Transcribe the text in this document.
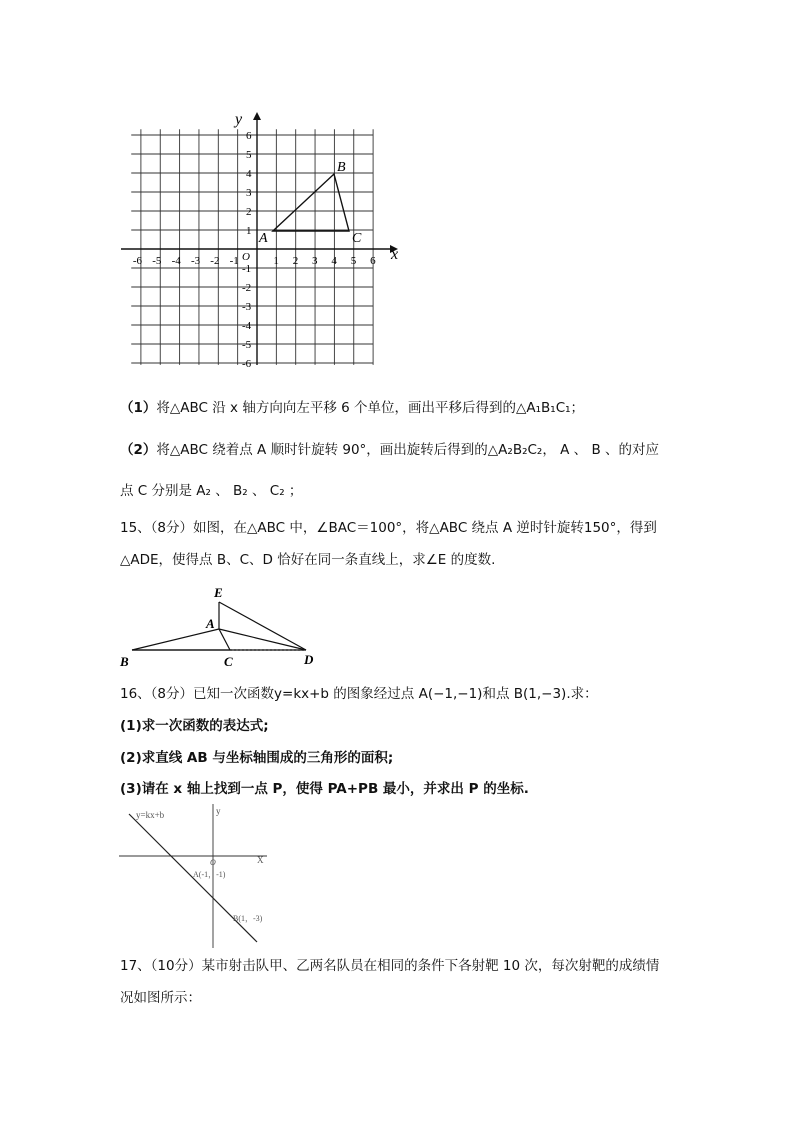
-6 -5 -4 -3 -2 -1	1 2 3 4 5 6
1
2
3
4
5
6
-1
-2
-3
-4
-5
-6
x
y
O
A
B
C
（1）将△ABC 沿 x 轴方向向左平移 6 个单位，画出平移后得到的△A₁B₁C₁；
（2）将△ABC 绕着点 A 顺时针旋转 90°，画出旋转后得到的△A₂B₂C₂， A 、 B 、的对应
点 C 分别是 A₂ 、 B₂ 、 C₂ ；
15、（8分）如图，在△ABC 中，∠BAC＝100°，将△ABC 绕点 A 逆时针旋转150°，得到
△ADE，使得点 B、C、D 恰好在同一条直线上，求∠E 的度数.
E
A
B	C	D
16、（8分）已知一次函数y=kx+b 的图象经过点 A(−1,−1)和点 B(1,−3).求：
(1)求一次函数的表达式;
(2)求直线 AB 与坐标轴围成的三角形的面积;
(3)请在 x 轴上找到一点 P，使得 PA+PB 最小，并求出 P 的坐标.
y=kx+b	y
X
O
A(-1，-1)
B(1，-3)
17、（10分）某市射击队甲、乙两名队员在相同的条件下各射靶 10 次，每次射靶的成绩情
况如图所示：
